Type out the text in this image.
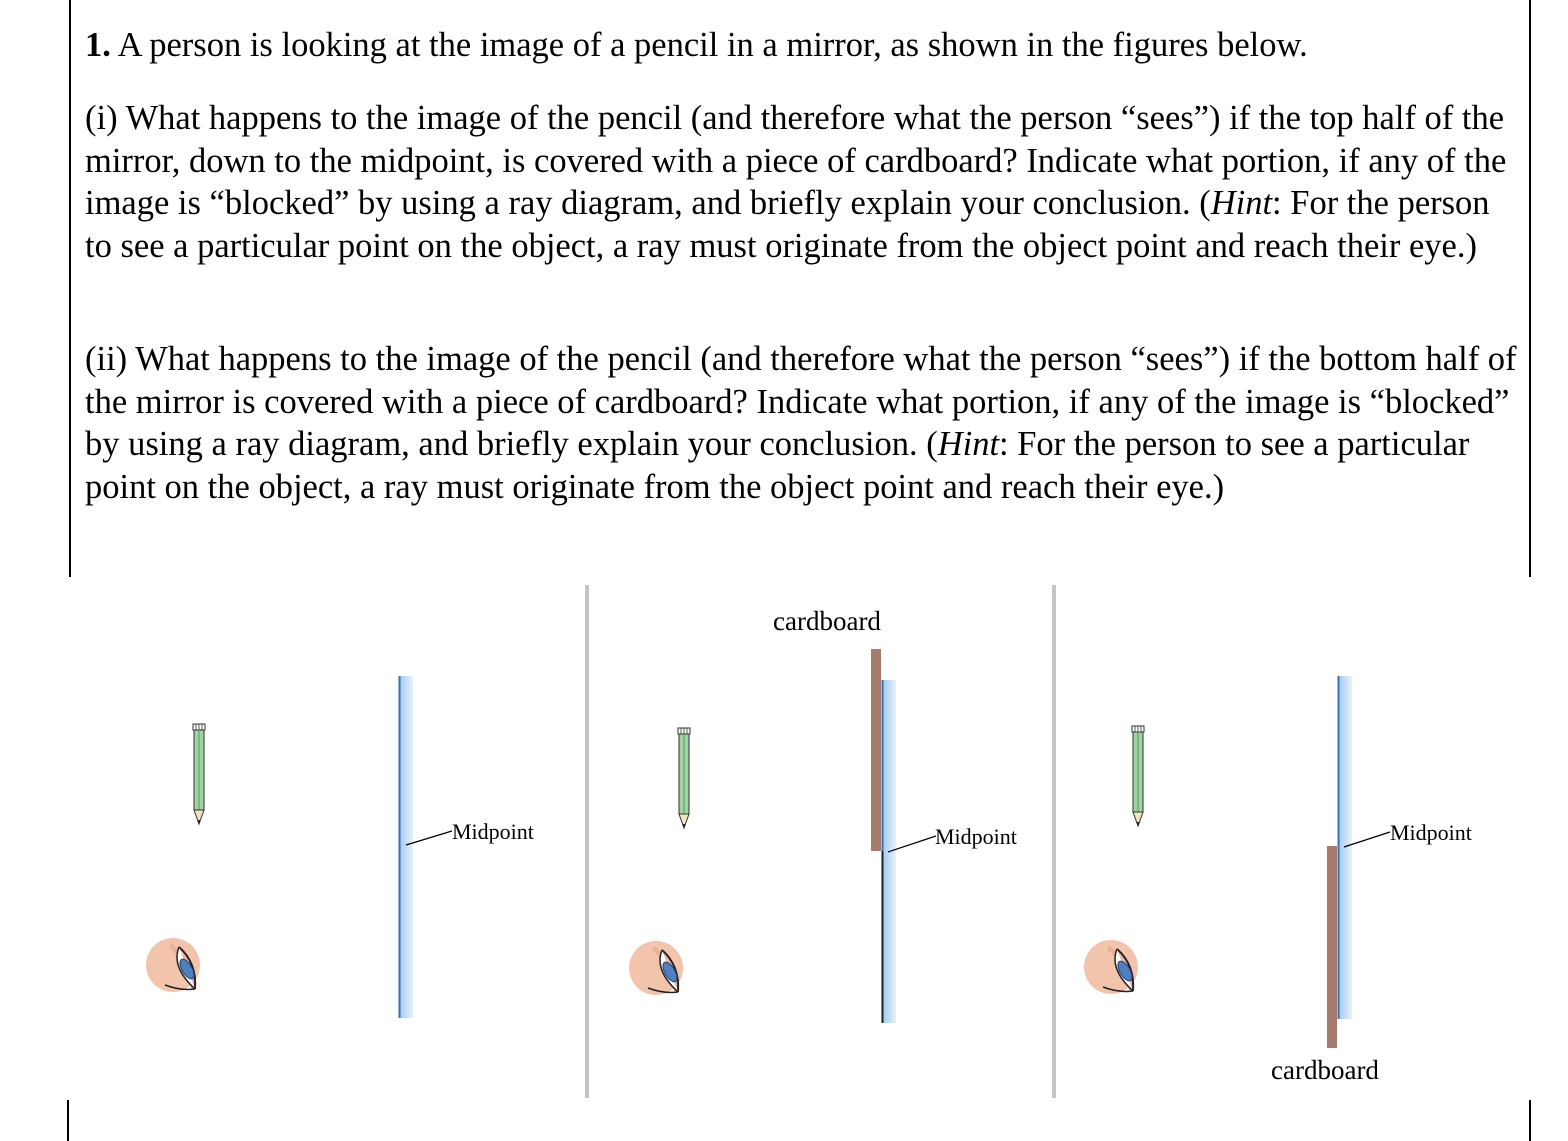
1. A person is looking at the image of a pencil in a mirror, as shown in the figures below.

(i) What happens to the image of the pencil (and therefore what the person “sees”) if the top half of the mirror, down to the midpoint, is covered with a piece of cardboard? Indicate what portion, if any of the image is “blocked” by using a ray diagram, and briefly explain your conclusion. (Hint: For the person to see a particular point on the object, a ray must originate from the object point and reach their eye.)

(ii) What happens to the image of the pencil (and therefore what the person “sees”) if the bottom half of the mirror is covered with a piece of cardboard? Indicate what portion, if any of the image is “blocked” by using a ray diagram, and briefly explain your conclusion. (Hint: For the person to see a particular point on the object, a ray must originate from the object point and reach their eye.)

Midpoint
cardboard
Midpoint	Midpoint
cardboard
